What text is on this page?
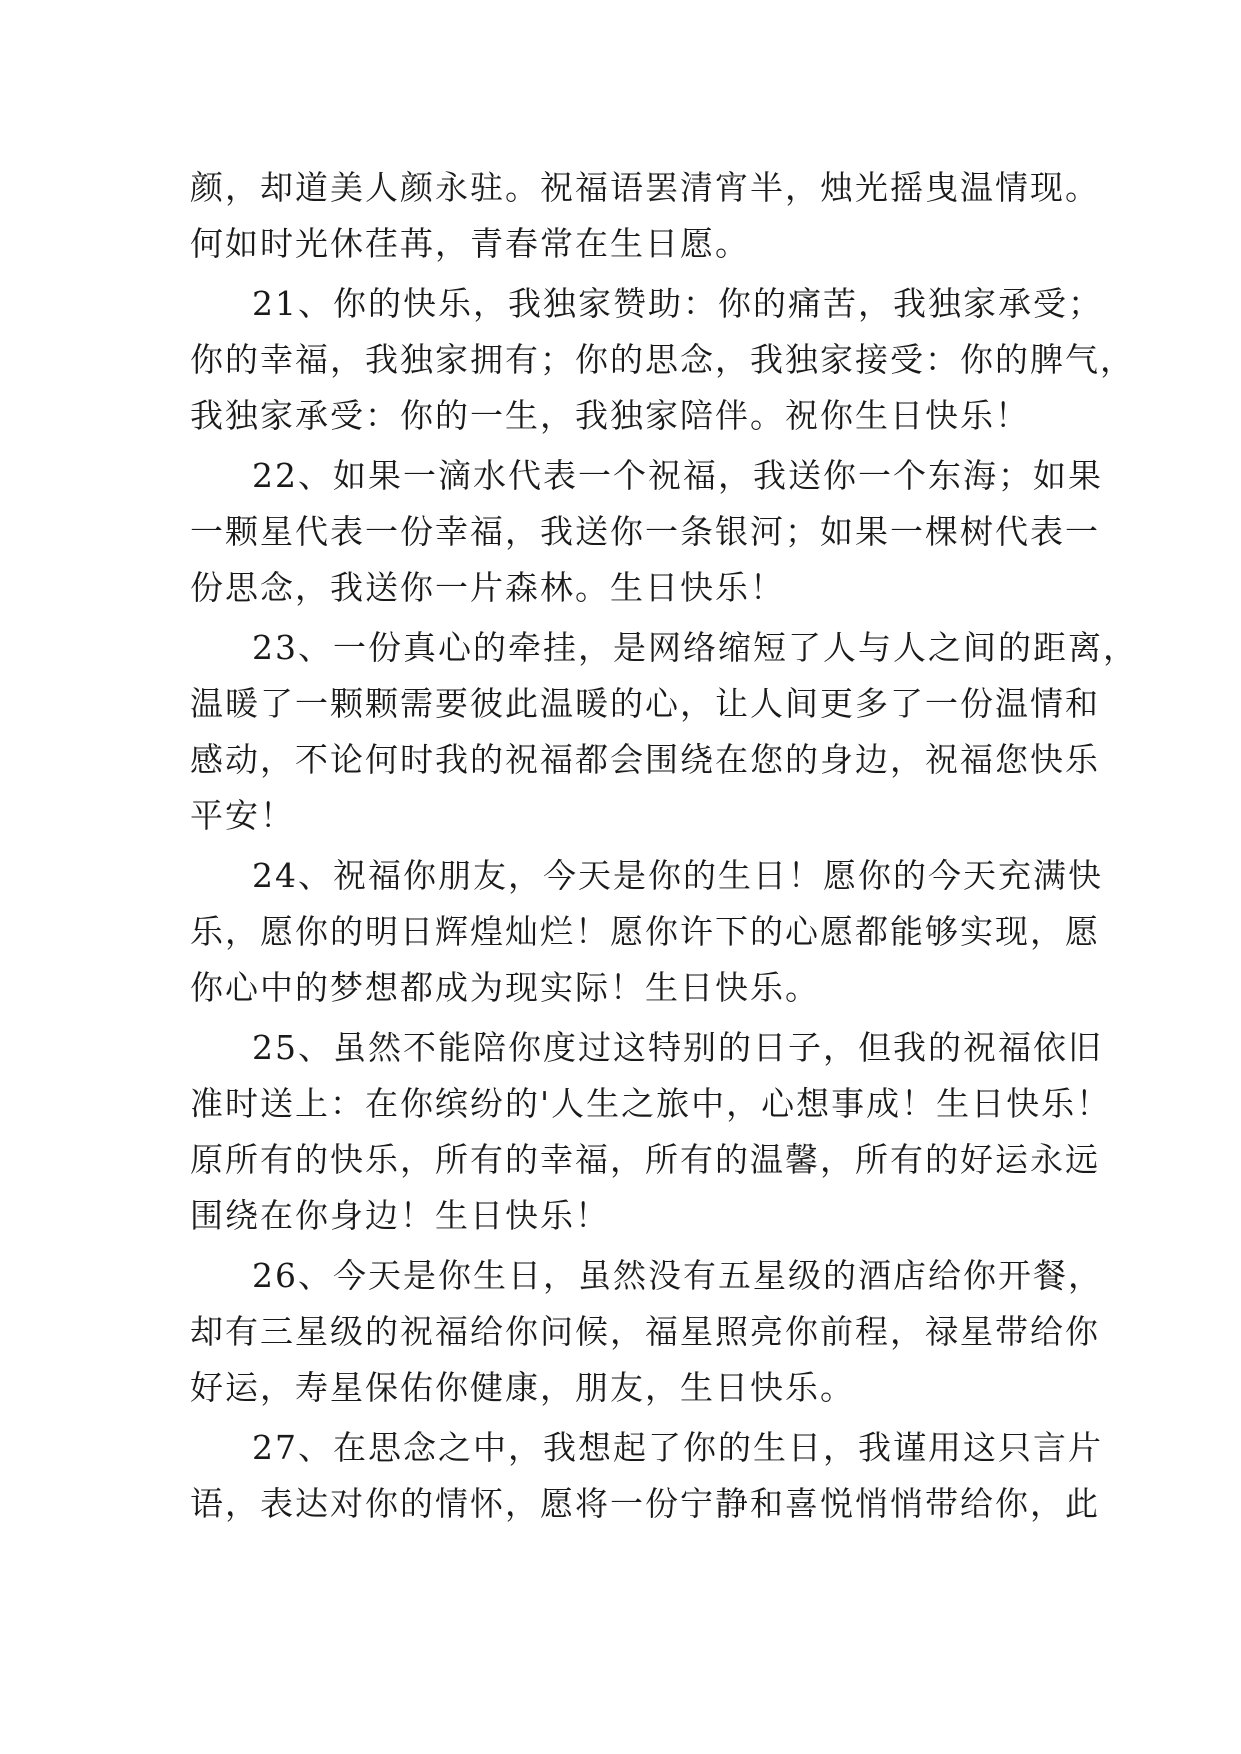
颜，却道美人颜永驻。祝福语罢清宵半，烛光摇曳温情现。
何如时光休荏苒，青春常在生日愿。
21、你的快乐，我独家赞助：你的痛苦，我独家承受；
你的幸福，我独家拥有；你的思念，我独家接受：你的脾气，
我独家承受：你的一生，我独家陪伴。祝你生日快乐！
22、如果一滴水代表一个祝福，我送你一个东海；如果
一颗星代表一份幸福，我送你一条银河；如果一棵树代表一
份思念，我送你一片森林。生日快乐！
23、一份真心的牵挂，是网络缩短了人与人之间的距离，
温暖了一颗颗需要彼此温暖的心，让人间更多了一份温情和
感动，不论何时我的祝福都会围绕在您的身边，祝福您快乐
平安！
24、祝福你朋友，今天是你的生日！愿你的今天充满快
乐，愿你的明日辉煌灿烂！愿你许下的心愿都能够实现，愿
你心中的梦想都成为现实际！生日快乐。
25、虽然不能陪你度过这特别的日子，但我的祝福依旧
准时送上：在你缤纷的'人生之旅中，心想事成！生日快乐！
原所有的快乐，所有的幸福，所有的温馨，所有的好运永远
围绕在你身边！生日快乐！
26、今天是你生日，虽然没有五星级的酒店给你开餐，
却有三星级的祝福给你问候，福星照亮你前程，禄星带给你
好运，寿星保佑你健康，朋友，生日快乐。
27、在思念之中，我想起了你的生日，我谨用这只言片
语，表达对你的情怀，愿将一份宁静和喜悦悄悄带给你，此
